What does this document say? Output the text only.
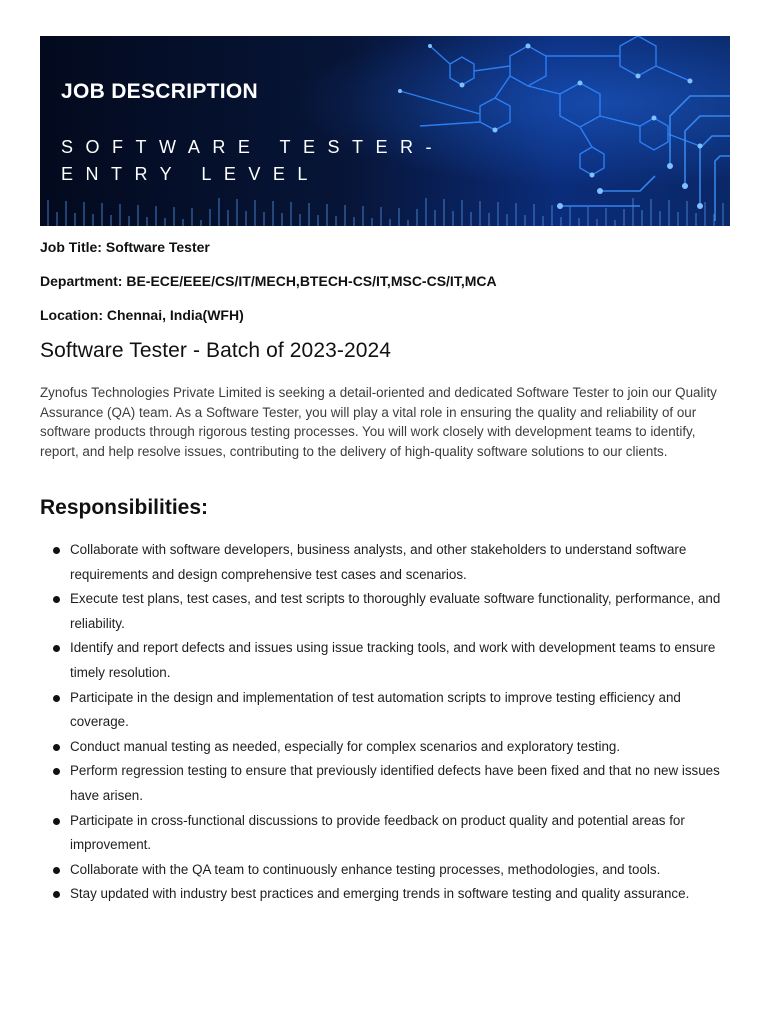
JOB DESCRIPTION

SOFTWARE TESTER-
ENTRY LEVEL

Job Title: Software Tester

Department: BE-ECE/EEE/CS/IT/MECH,BTECH-CS/IT,MSC-CS/IT,MCA

Location: Chennai, India(WFH)

Software Tester - Batch of 2023-2024

Zynofus Technologies Private Limited is seeking a detail-oriented and dedicated Software Tester to join our Quality Assurance (QA) team. As a Software Tester, you will play a vital role in ensuring the quality and reliability of our software products through rigorous testing processes. You will work closely with development teams to identify, report, and help resolve issues, contributing to the delivery of high-quality software solutions to our clients.

Responsibilities:
Collaborate with software developers, business analysts, and other stakeholders to understand software requirements and design comprehensive test cases and scenarios.
Execute test plans, test cases, and test scripts to thoroughly evaluate software functionality, performance, and reliability.
Identify and report defects and issues using issue tracking tools, and work with development teams to ensure timely resolution.
Participate in the design and implementation of test automation scripts to improve testing efficiency and coverage.
Conduct manual testing as needed, especially for complex scenarios and exploratory testing.
Perform regression testing to ensure that previously identified defects have been fixed and that no new issues have arisen.
Participate in cross-functional discussions to provide feedback on product quality and potential areas for improvement.
Collaborate with the QA team to continuously enhance testing processes, methodologies, and tools.
Stay updated with industry best practices and emerging trends in software testing and quality assurance.
